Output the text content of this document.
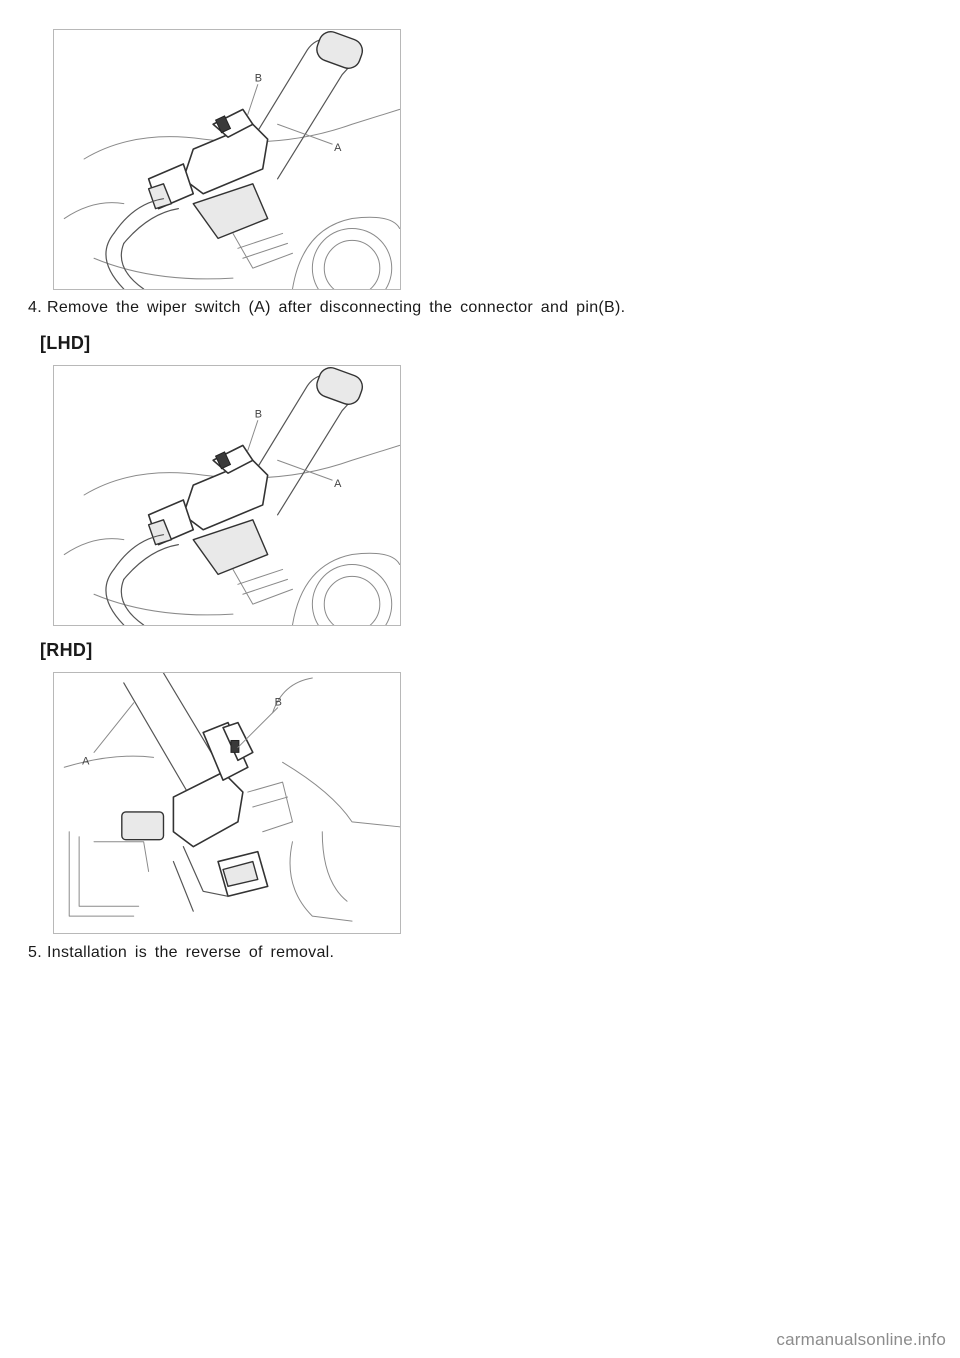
B
A
4. Remove the wiper switch (A) after disconnecting the connector and pin(B).
[LHD]
B
A
[RHD]
B
A
5. Installation is the reverse of removal.
carmanualsonline.info
